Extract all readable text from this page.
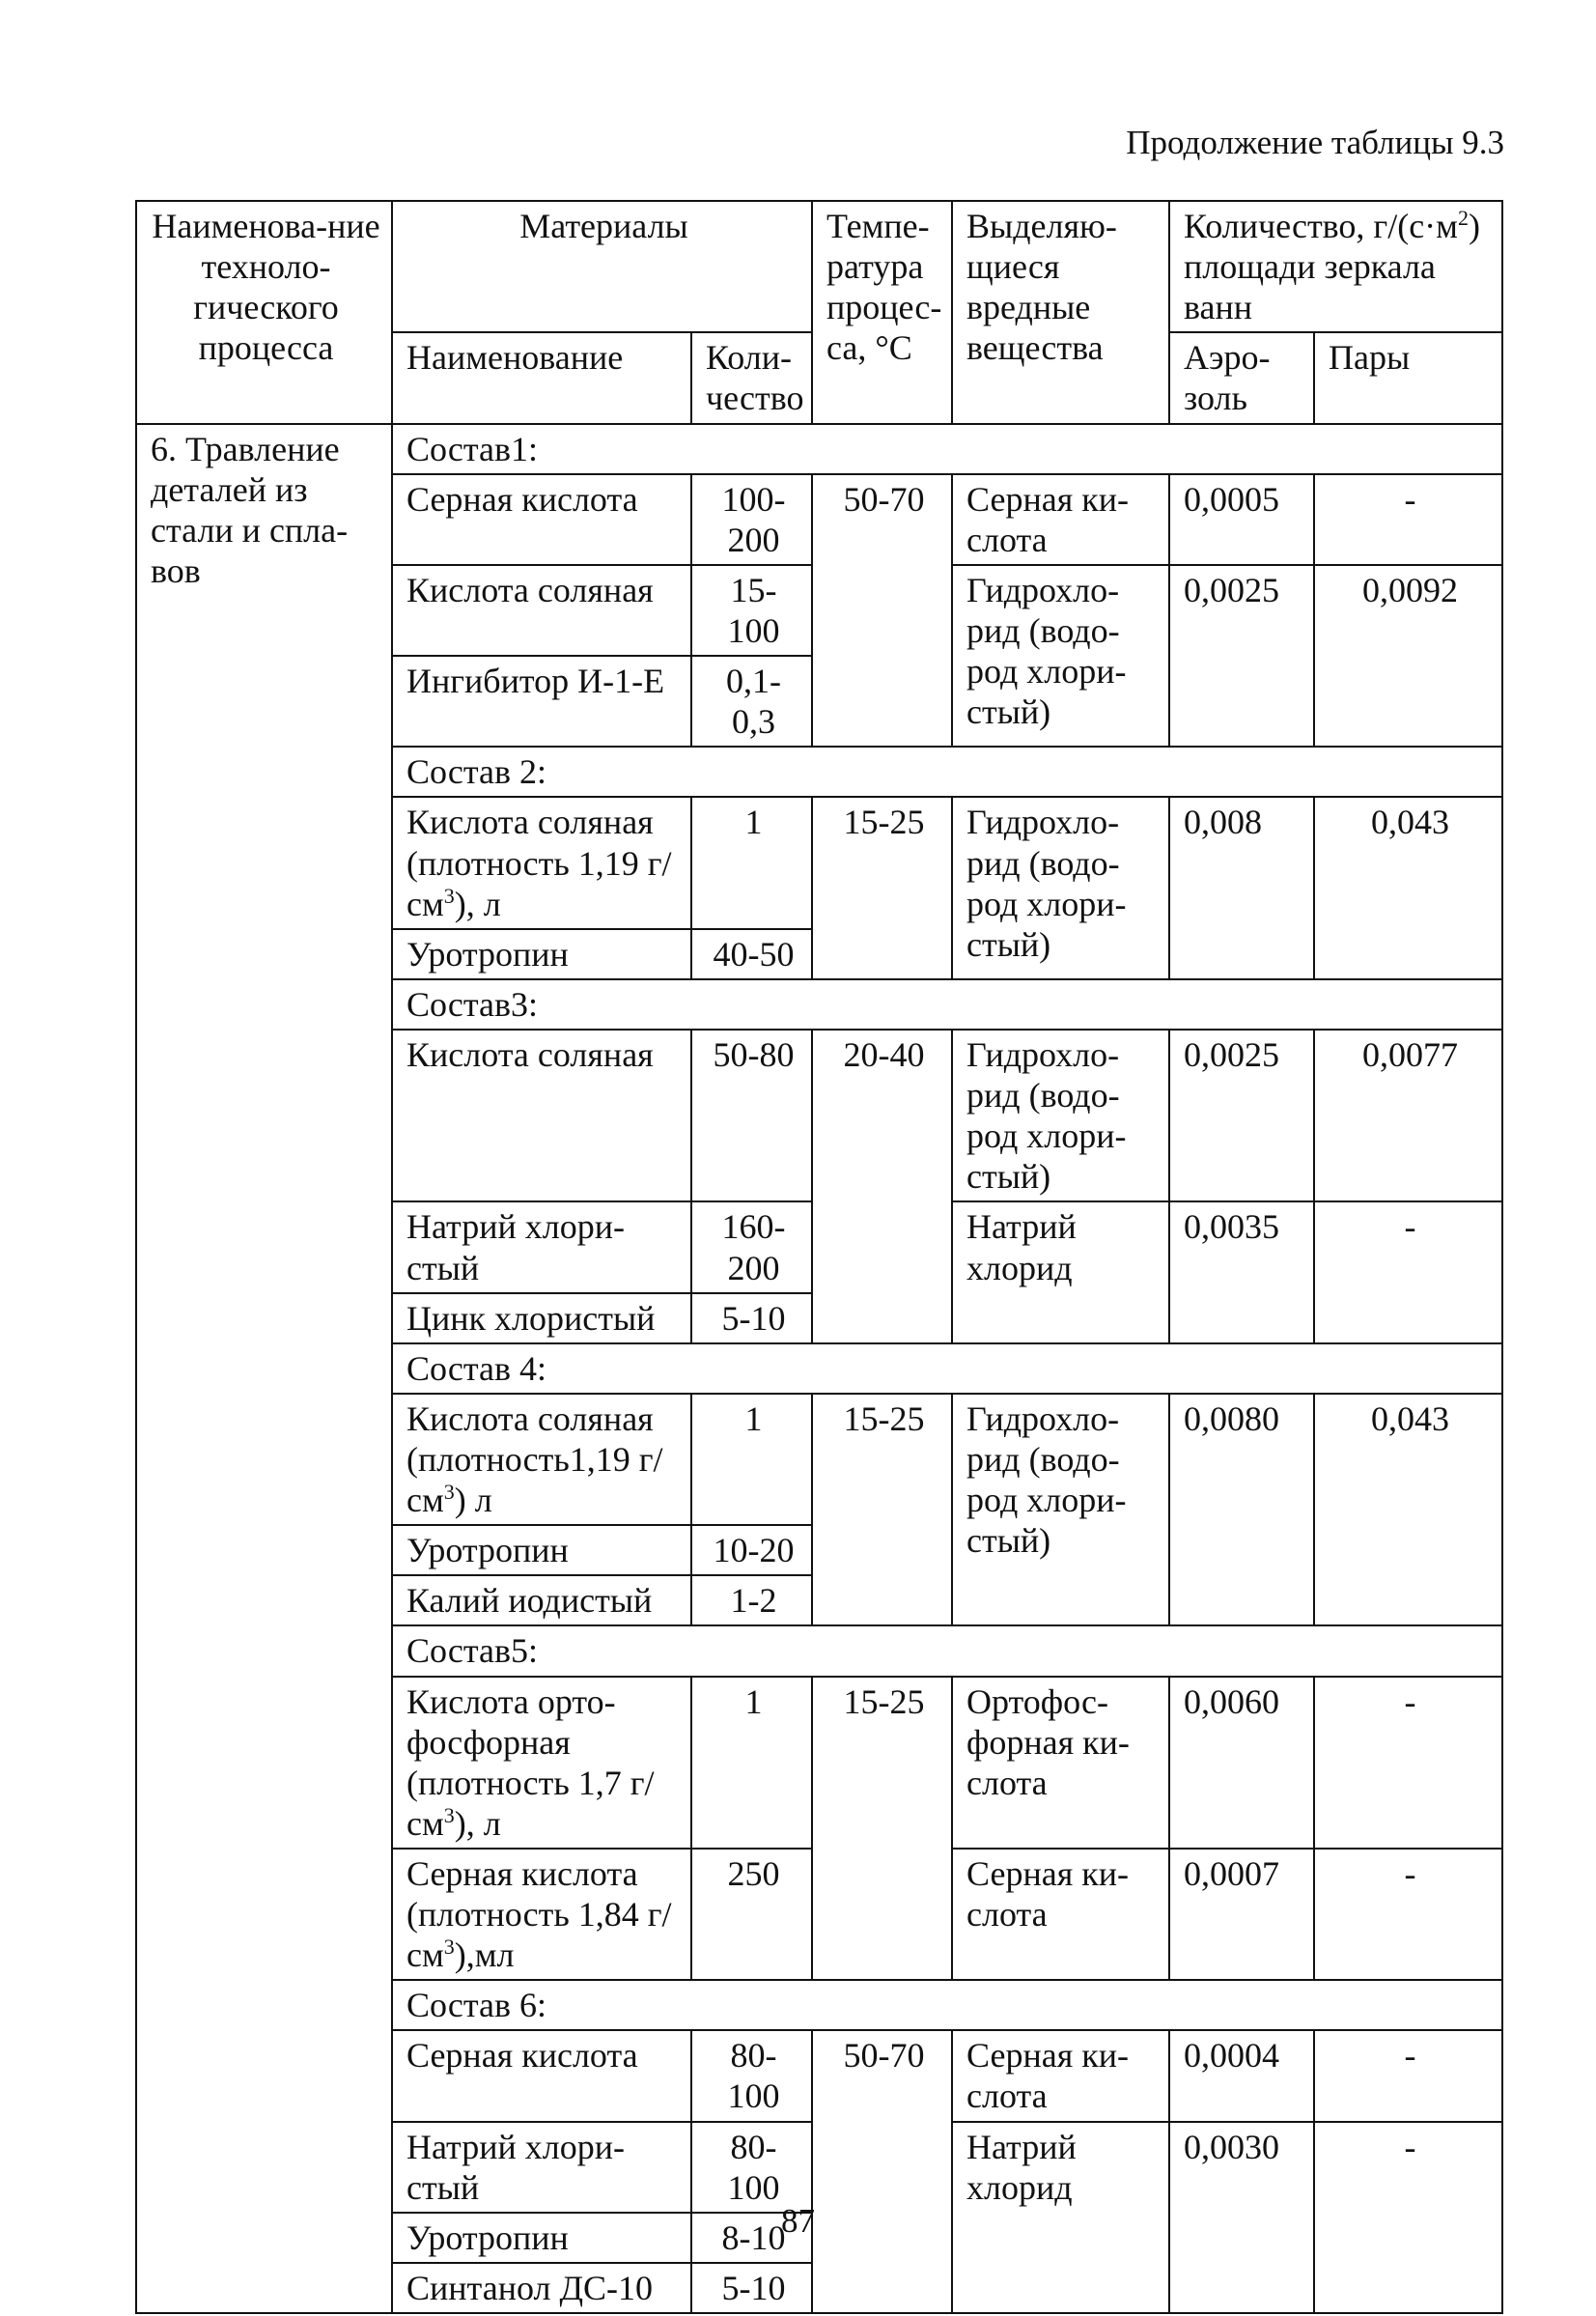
Продолжение таблицы 9.3
Наименова-ние техноло-гического процесса	Материалы		Темпе-ратура процес-са, °С	Выделяю-щиеся вредные вещества	Количество, $г/(с\cdot м^2)$ площади зеркала ванн	
	Наименование	Коли-чество			Аэро-золь	Пары
6. Травление деталей из стали и спла-вов	Состав1:					
	Серная кислота	100-200	50-70	Серная ки-слота	0,0005	-
	Кислота соляная	15-100		Гидрохло-рид (водо-род хлори-стый)	0,0025	0,0092
	Ингибитор И-1-Е	0,1-0,3				
	Состав 2:					
	Кислота соляная (плотность 1,19 $г/см^3$), л	1	15-25	Гидрохло-рид (водо-род хлори-стый)	0,008	0,043
	Уротропин	40-50				
	Состав3:					
	Кислота соляная	50-80	20-40	Гидрохло-рид (водо-род хлори-стый)	0,0025	0,0077
	Натрий хлори-стый	160-200		Натрий хлорид	0,0035	-
	Цинк хлористый	5-10				
	Состав 4:					
	Кислота соляная (плотность1,19 $г/см^3$) л	1	15-25	Гидрохло-рид (водо-род хлори-стый)	0,0080	0,043
	Уротропин	10-20				
	Калий иодистый	1-2				
	Состав5:					
	Кислота орто-фосфорная (плотность 1,7 $г/см^3$), л	1	15-25	Ортофос-форная ки-слота	0,0060	-
	Серная кислота (плотность 1,84 $г/см^3),мл$	250		Серная ки-слота	0,0007	-
	Состав 6:					
	Серная кислота	80-100	50-70	Серная ки-слота	0,0004	-
	Натрий хлори-стый	80-100		Натрий хлорид	0,0030	-
	Уротропин	8-10				
	Синтанол ДС-10	5-10				
87
